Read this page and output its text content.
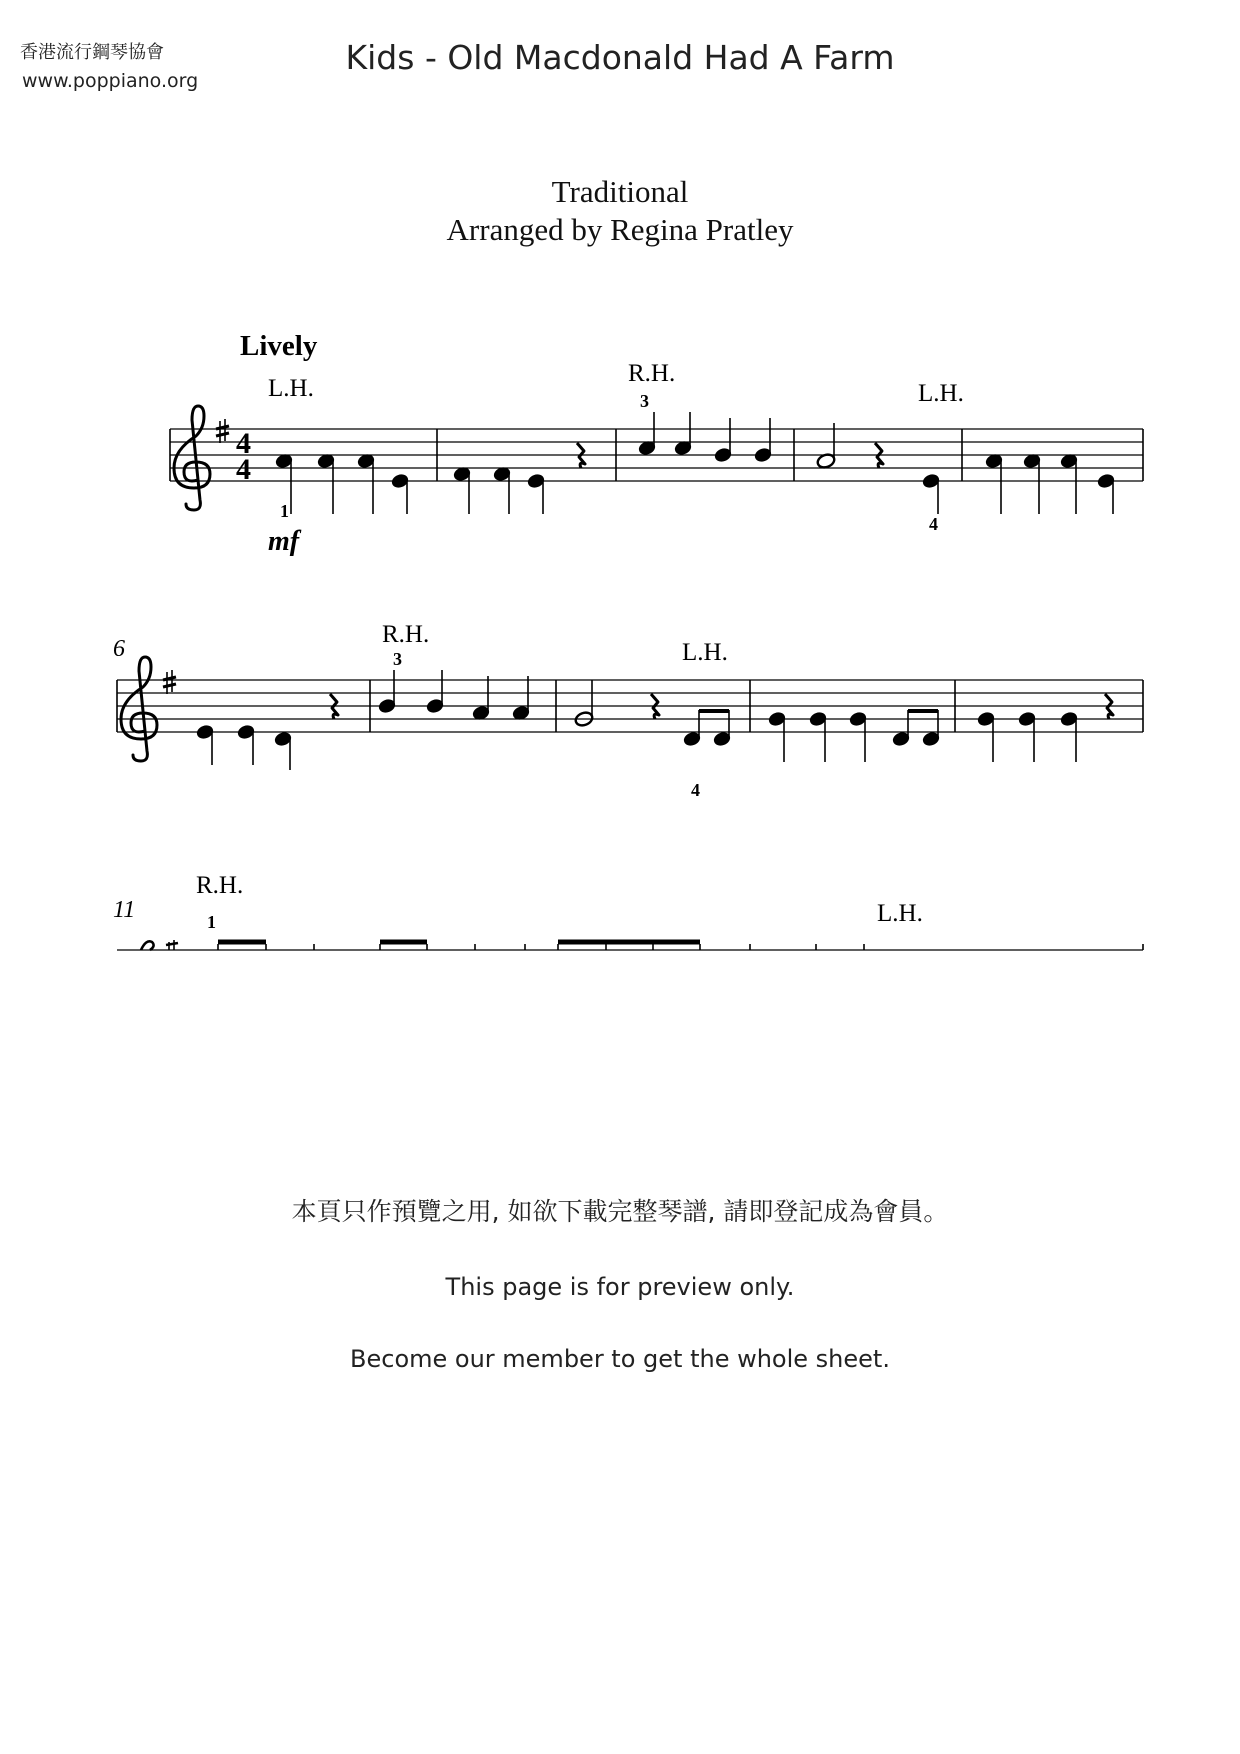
香港流行鋼琴協會
www.poppiano.org
Kids - Old Macdonald Had A Farm
Traditional
Arranged by Regina Pratley
4
4
Lively
L.H.
R.H.
L.H.
1
3
4
mf
6
R.H.
L.H.
3
4
11
R.H.
L.H.
1
本頁只作預覽之用, 如欲下載完整琴譜, 請即登記成為會員。
This page is for preview only.
Become our member to get the whole sheet.
